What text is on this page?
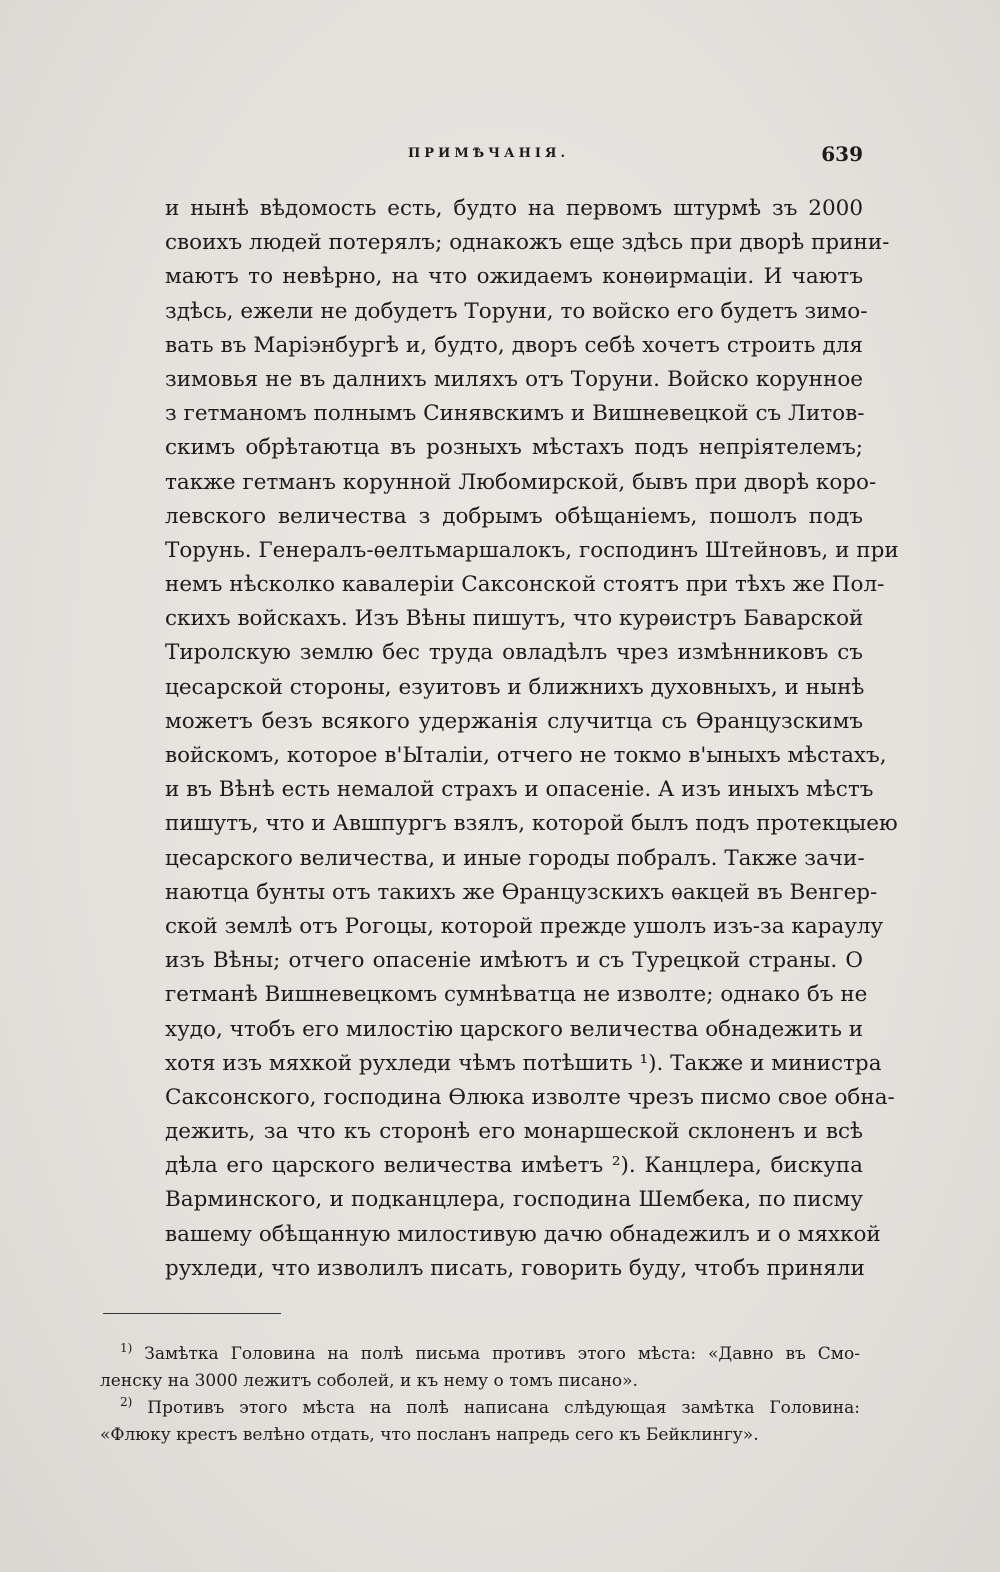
ПРИМѢЧАНІЯ.	639
и нынѣ вѣдомость есть, будто на первомъ штурмѣ зъ 2000
своихъ людей потерялъ; однакожъ еще здѣсь при дворѣ прини-
маютъ то невѣрно, на что ожидаемъ конѳирмаціи. И чаютъ
здѣсь, ежели не добудетъ Торуни, то войско его будетъ зимо-
вать въ Маріэнбургѣ и, будто, дворъ себѣ хочетъ строить для
зимовья не въ далнихъ миляхъ отъ Торуни. Войско корунное
з гетманомъ полнымъ Синявскимъ и Вишневецкой съ Литов-
скимъ обрѣтаютца въ розныхъ мѣстахъ подъ непріятелемъ;
также гетманъ корунной Любомирской, бывъ при дворѣ коро-
левского величества з добрымъ обѣщаніемъ, пошолъ подъ
Торунь. Генералъ-ѳелтьмаршалокъ, господинъ Штейновъ, и при
немъ нѣсколко кавалеріи Саксонской стоятъ при тѣхъ же Пол-
скихъ войскахъ. Изъ Вѣны пишутъ, что курѳистръ Баварской
Тиролскую землю бес труда овладѣлъ чрез измѣнниковъ съ
цесарской стороны, езуитовъ и ближнихъ духовныхъ, и нынѣ
можетъ безъ всякого удержанія случитца съ Ѳранцузскимъ
войскомъ, которое в'Ыталіи, отчего не токмо в'ыныхъ мѣстахъ,
и въ Вѣнѣ есть немалой страхъ и опасеніе. А изъ иныхъ мѣстъ
пишутъ, что и Авшпургъ взялъ, которой былъ подъ протекцыею
цесарского величества, и иные городы побралъ. Также зачи-
наютца бунты отъ такихъ же Ѳранцузскихъ ѳакцей въ Венгер-
ской землѣ отъ Рогоцы, которой прежде ушолъ изъ-за караулу
изъ Вѣны; отчего опасеніе имѣютъ и съ Турецкой страны. О
гетманѣ Вишневецкомъ сумнѣватца не изволте; однако бъ не
худо, чтобъ его милостію царского величества обнадежить и
хотя изъ мяхкой рухледи чѣмъ потѣшить ¹). Также и министра
Саксонского, господина Ѳлюка изволте чрезъ писмо свое обна-
дежить, за что къ сторонѣ его монаршеской склоненъ и всѣ
дѣла его царского величества имѣетъ ²). Канцлера, бискупа
Варминского, и подканцлера, господина Шембека, по писму
вашему обѣщанную милостивую дачю обнадежилъ и о мяхкой
рухледи, что изволилъ писать, говорить буду, чтобъ приняли
$^{1)}$ Замѣтка Головина на полѣ письма противъ этого мѣста: «Давно въ Смо-
ленску на 3000 лежитъ соболей, и къ нему о томъ писано».
$^{2)}$ Противъ этого мѣста на полѣ написана слѣдующая замѣтка Головина:
«Флюку крестъ велѣно отдать, что посланъ напредь сего къ Бейклингу».
